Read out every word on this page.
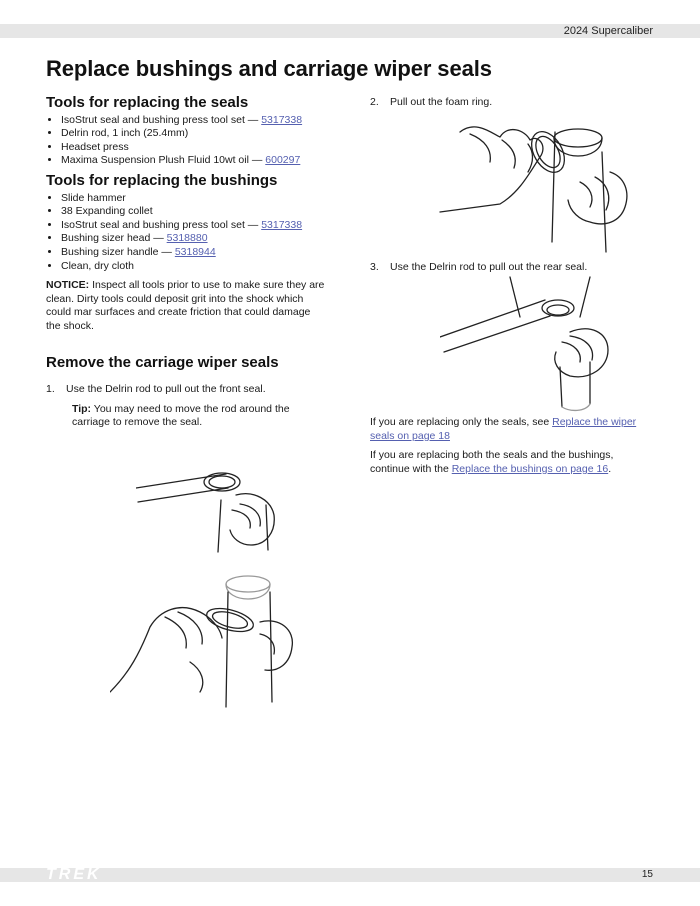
2024 Supercaliber
Replace bushings and carriage wiper seals
Tools for replacing the seals
• IsoStrut seal and bushing press tool set — 5317338
• Delrin rod, 1 inch (25.4mm)
• Headset press
• Maxima Suspension Plush Fluid 10wt oil — 600297
Tools for replacing the bushings
• Slide hammer
• 38 Expanding collet
• IsoStrut seal and bushing press tool set — 5317338
• Bushing sizer head — 5318880
• Bushing sizer handle — 5318944
• Clean, dry cloth

NOTICE: Inspect all tools prior to use to make sure they are clean. Dirty tools could deposit grit into the shock which could mar surfaces and create friction that could damage the shock.

Remove the carriage wiper seals
1.	Use the Delrin rod to pull out the front seal.

Tip: You may need to move the rod around the carriage to remove the seal.

2.	Pull out the foam ring.
3.	Use the Delrin rod to pull out the rear seal.

If you are replacing only the seals, see Replace the wiper seals on page 18

If you are replacing both the seals and the bushings, continue with the Replace the bushings on page 16.

TREK	15
